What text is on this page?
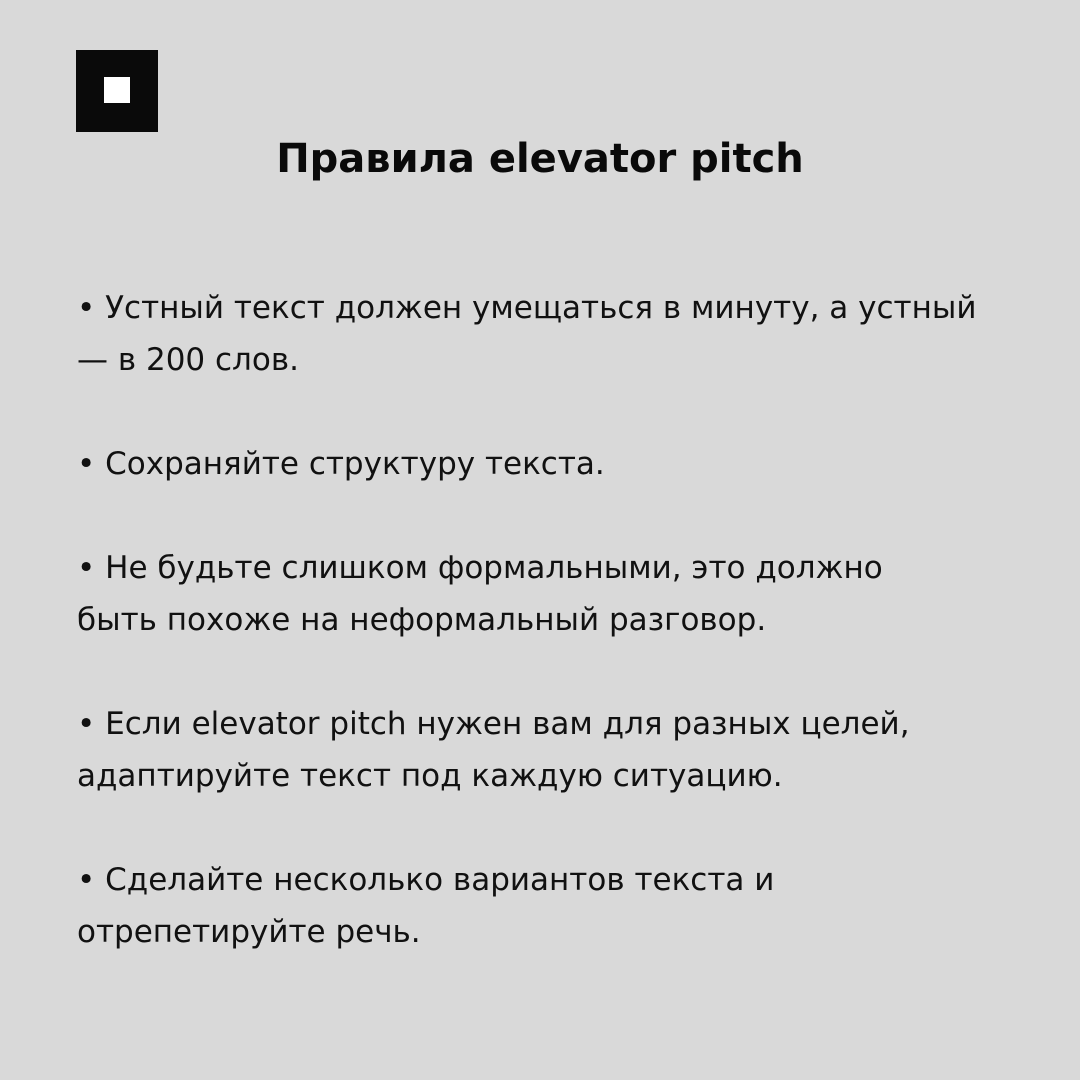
Правила elevator pitch
• Устный текст должен умещаться в минуту, а устный
— в 200 слов.
• Сохраняйте структуру текста.
• Не будьте слишком формальными, это должно
быть похоже на неформальный разговор.
• Если elevator pitch нужен вам для разных целей,
адаптируйте текст под каждую ситуацию.
• Сделайте несколько вариантов текста и
отрепетируйте речь.
